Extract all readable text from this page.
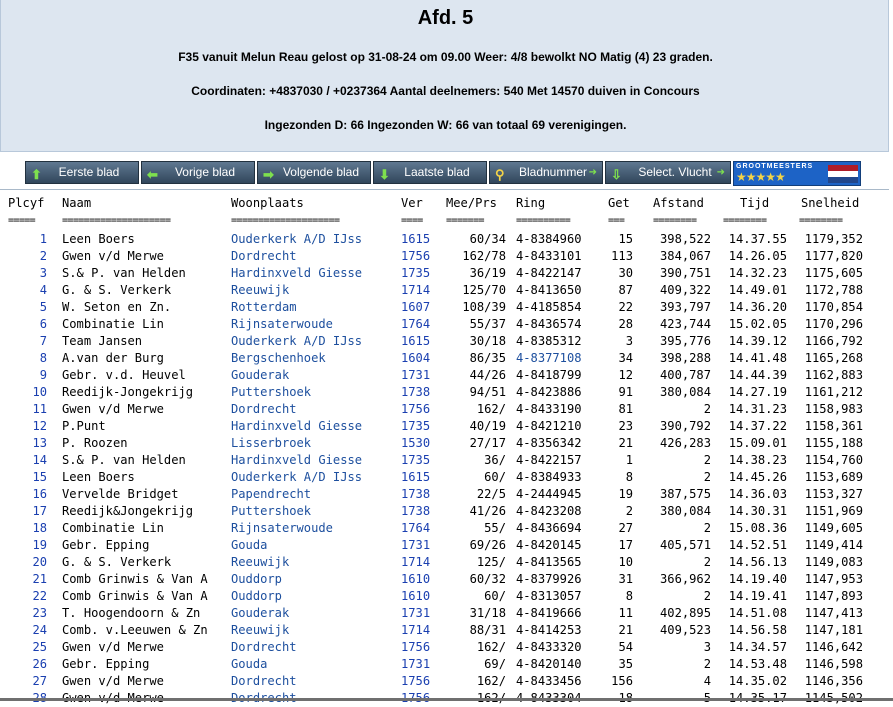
Afd. 5
F35 vanuit Melun Reau gelost op 31-08-24 om 09.00 Weer: 4/8 bewolkt NO Matig (4) 23 graden.
Coordinaten: +4837030 / +0237364 Aantal deelnemers: 540 Met 14570 duiven in Concours
Ingezonden D: 66 Ingezonden W: 66 van totaal 69 verenigingen.
⬆	Eerste blad	⬅	Vorige blad	➡ Volgende blad	⬇	Laatste blad	⚲	Bladnummer ➜ ⇩	Select. Vlucht ➜
GROOTMEESTERS
★★★★★
Plcyf Naam	Woonplaats	Ver Mee/Prs Ring	Get Afstand	Tijd	Snelheid
=====	====================	====================	==== =======	==========	===	========	========	========
1 Leen Boers	Ouderkerk A/D IJss	1615	60/34 4-8384960	15	398,522	14.37.55	1179,352
2 Gwen v/d Merwe	Dordrecht	1756	162/78 4-8433101	113	384,067	14.26.05	1177,820
3 S.& P. van Helden	Hardinxveld Giesse	1735	36/19 4-8422147	30	390,751	14.32.23	1175,605
4 G. & S. Verkerk	Reeuwijk	1714	125/70 4-8413650	87	409,322	14.49.01	1172,788
5 W. Seton en Zn.	Rotterdam	1607	108/39 4-4185854	22	393,797	14.36.20	1170,854
6 Combinatie Lin	Rijnsaterwoude	1764	55/37 4-8436574	28	423,744	15.02.05	1170,296
7 Team Jansen	Ouderkerk A/D IJss	1615	30/18 4-8385312	3	395,776	14.39.12	1166,792
8 A.van der Burg	Bergschenhoek	1604	86/35 4-8377108	34	398,288	14.41.48	1165,268
9 Gebr. v.d. Heuvel	Gouderak	1731	44/26 4-8418799	12	400,787	14.44.39	1162,883
10 Reedijk-Jongekrijg	Puttershoek	1738	94/51 4-8423886	91	380,084	14.27.19	1161,212
11 Gwen v/d Merwe	Dordrecht	1756	162/ 4-8433190	81	2	14.31.23	1158,983
12 P.Punt	Hardinxveld Giesse	1735	40/19 4-8421210	23	390,792	14.37.22	1158,361
13 P. Roozen	Lisserbroek	1530	27/17 4-8356342	21	426,283	15.09.01	1155,188
14 S.& P. van Helden	Hardinxveld Giesse	1735	36/ 4-8422157	1	2	14.38.23	1154,760
15 Leen Boers	Ouderkerk A/D IJss	1615	60/ 4-8384933	8	2	14.45.26	1153,689
16 Vervelde Bridget	Papendrecht	1738	22/5 4-2444945	19	387,575	14.36.03	1153,327
17 Reedijk&Jongekrijg	Puttershoek	1738	41/26 4-8423208	2	380,084	14.30.31	1151,969
18 Combinatie Lin	Rijnsaterwoude	1764	55/ 4-8436694	27	2	15.08.36	1149,605
19 Gebr. Epping	Gouda	1731	69/26 4-8420145	17	405,571	14.52.51	1149,414
20 G. & S. Verkerk	Reeuwijk	1714	125/ 4-8413565	10	2	14.56.13	1149,083
21 Comb Grinwis & Van A	Ouddorp	1610	60/32 4-8379926	31	366,962	14.19.40	1147,953
22 Comb Grinwis & Van A	Ouddorp	1610	60/ 4-8313057	8	2	14.19.41	1147,893
23 T. Hoogendoorn & Zn	Gouderak	1731	31/18 4-8419666	11	402,895	14.51.08	1147,413
24 Comb. v.Leeuwen & Zn	Reeuwijk	1714	88/31 4-8414253	21	409,523	14.56.58	1147,181
25 Gwen v/d Merwe	Dordrecht	1756	162/ 4-8433320	54	3	14.34.57	1146,642
26 Gebr. Epping	Gouda	1731	69/ 4-8420140	35	2	14.53.48	1146,598
27 Gwen v/d Merwe	Dordrecht	1756	162/ 4-8433456	156	4	14.35.02	1146,356
